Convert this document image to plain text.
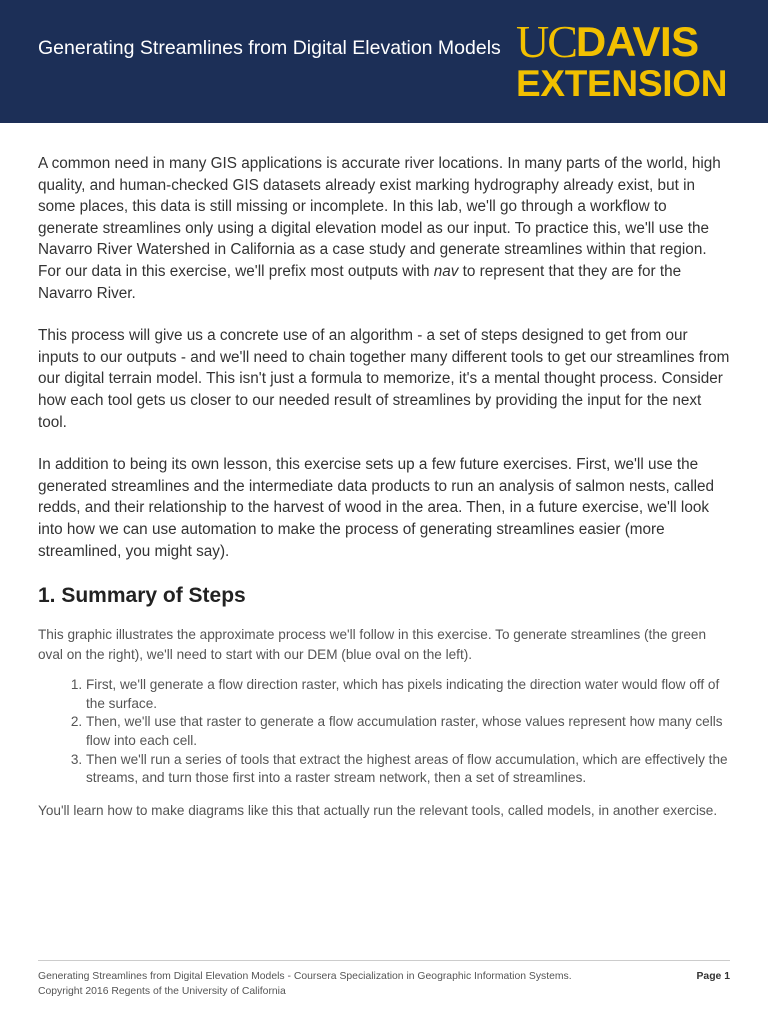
Generating Streamlines from Digital Elevation Models UCDAVIS
EXTENSION

A common need in many GIS applications is accurate river locations. In many parts of the world, high quality, and human-checked GIS datasets already exist marking hydrography already exist, but in some places, this data is still missing or incomplete. In this lab, we'll go through a workflow to generate streamlines only using a digital elevation model as our input. To practice this, we'll use the Navarro River Watershed in California as a case study and generate streamlines within that region. For our data in this exercise, we'll prefix most outputs with nav to represent that they are for the Navarro River.

This process will give us a concrete use of an algorithm - a set of steps designed to get from our inputs to our outputs - and we'll need to chain together many different tools to get our streamlines from our digital terrain model. This isn't just a formula to memorize, it's a mental thought process. Consider how each tool gets us closer to our needed result of streamlines by providing the input for the next tool.

In addition to being its own lesson, this exercise sets up a few future exercises. First, we'll use the generated streamlines and the intermediate data products to run an analysis of salmon nests, called redds, and their relationship to the harvest of wood in the area. Then, in a future exercise, we'll look into how we can use automation to make the process of generating streamlines easier (more streamlined, you might say).

1. Summary of Steps

This graphic illustrates the approximate process we'll follow in this exercise. To generate streamlines (the green oval on the right), we'll need to start with our DEM (blue oval on the left).

1. First, we'll generate a flow direction raster, which has pixels indicating the direction water would flow off of the surface.
2. Then, we'll use that raster to generate a flow accumulation raster, whose values represent how many cells flow into each cell.
3. Then we'll run a series of tools that extract the highest areas of flow accumulation, which are effectively the streams, and turn those first into a raster stream network, then a set of streamlines.

You'll learn how to make diagrams like this that actually run the relevant tools, called models, in another exercise.

Generating Streamlines from Digital Elevation Models - Coursera Specialization in Geographic Information Systems. Copyright 2016 Regents of the University of California
Page 1
